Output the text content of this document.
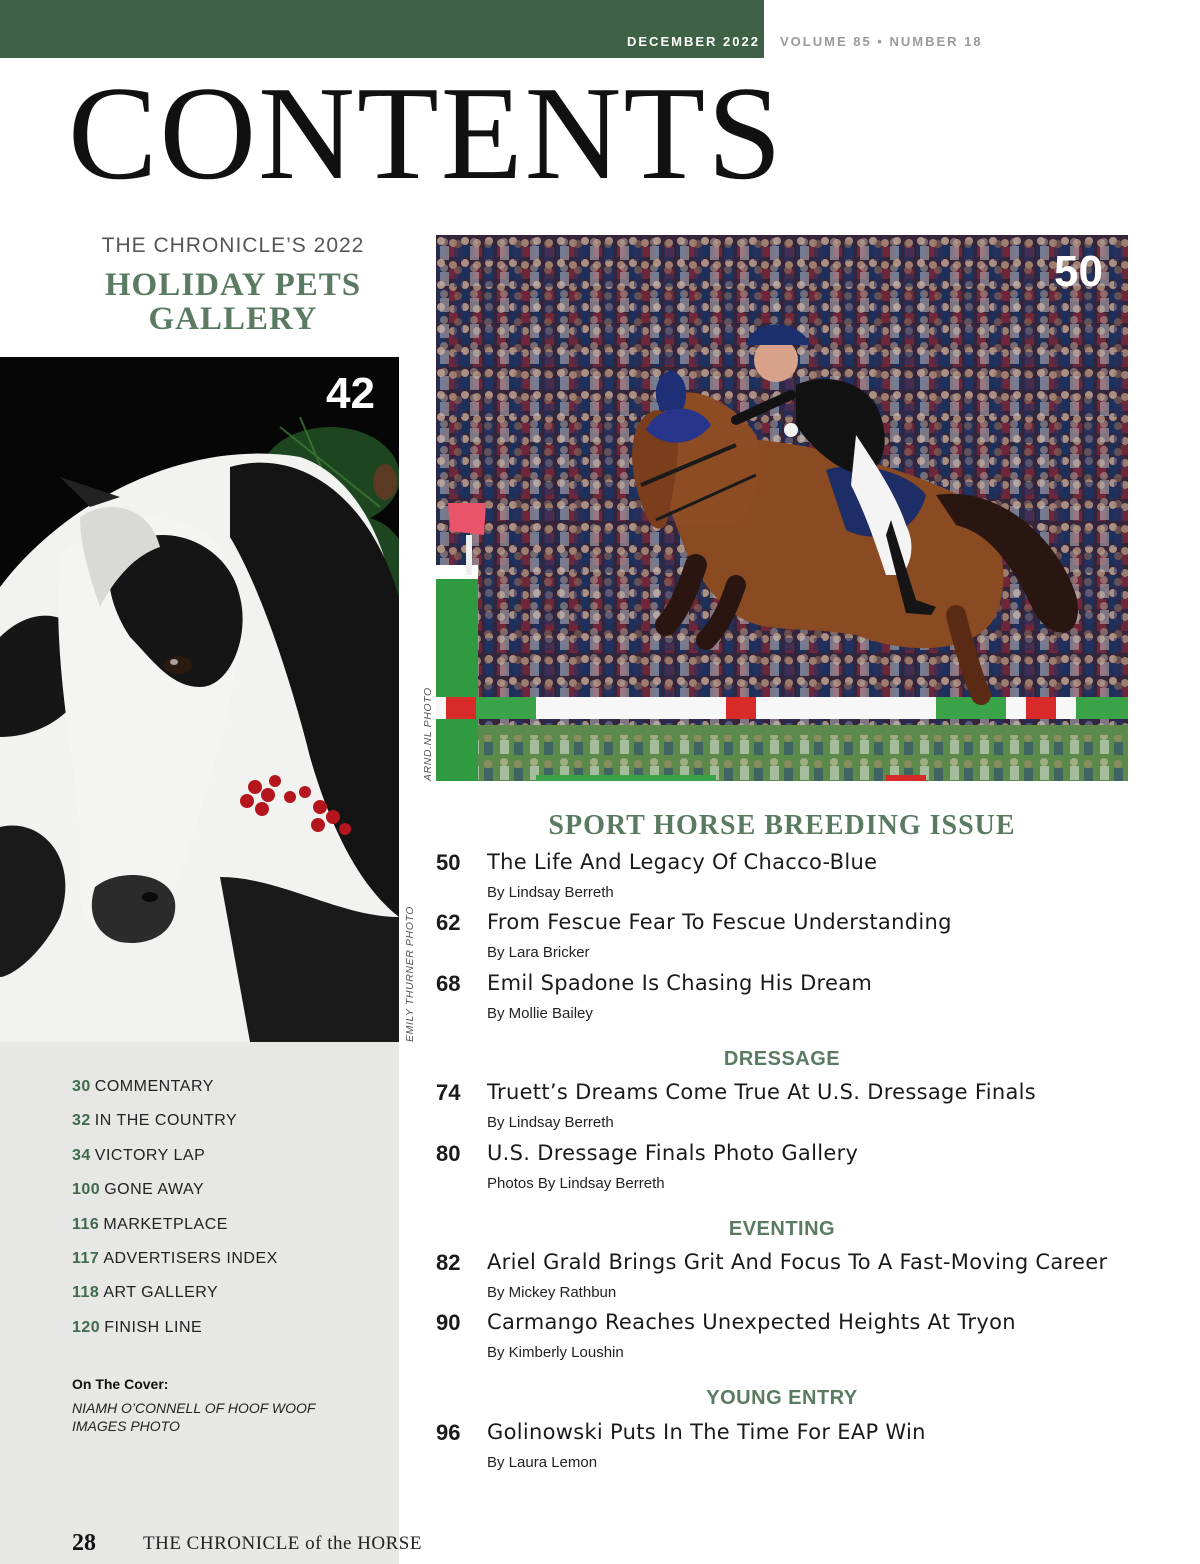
DECEMBER 2022 VOLUME 85 • NUMBER 18
CONTENTS
THE CHRONICLE’S 2022
HOLIDAY PETS
GALLERY
42
EMILY THURNER PHOTO
50
ARND.NL PHOTO
SPORT HORSE BREEDING ISSUE
50 The Life And Legacy Of Chacco-Blue
By Lindsay Berreth
62 From Fescue Fear To Fescue Understanding
By Lara Bricker
68 Emil Spadone Is Chasing His Dream
By Mollie Bailey
DRESSAGE
74 Truett’s Dreams Come True At U.S. Dressage Finals
By Lindsay Berreth
80 U.S. Dressage Finals Photo Gallery
Photos By Lindsay Berreth
EVENTING
82 Ariel Grald Brings Grit And Focus To A Fast-Moving Career
By Mickey Rathbun
90 Carmango Reaches Unexpected Heights At Tryon
By Kimberly Loushin
YOUNG ENTRY
96 Golinowski Puts In The Time For EAP Win
By Laura Lemon
30 COMMENTARY
32 IN THE COUNTRY
34 VICTORY LAP
100 GONE AWAY
116 MARKETPLACE
117 ADVERTISERS INDEX
118 ART GALLERY
120 FINISH LINE
On The Cover:
NIAMH O’CONNELL OF HOOF WOOF IMAGES PHOTO
28 THE CHRONICLE of the HORSE
